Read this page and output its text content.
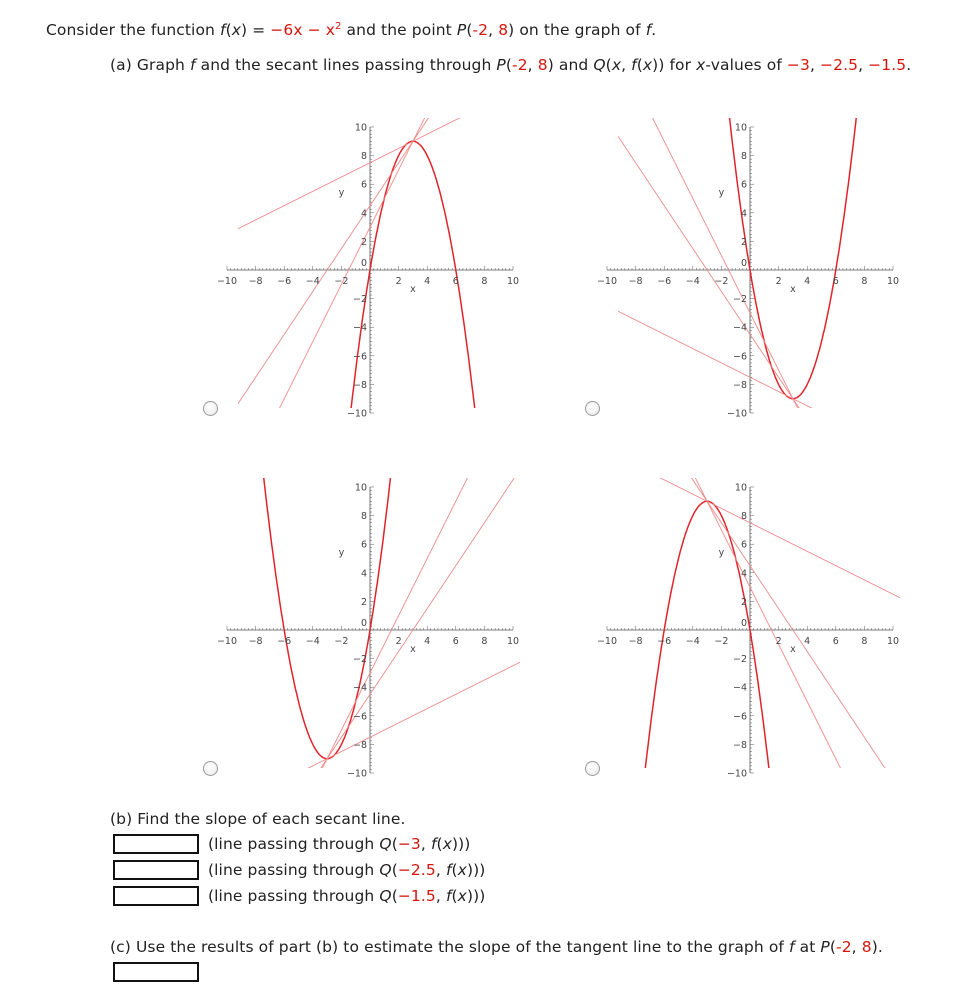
Consider the function $f(x) = -6x - x^2$ and the point P(-2, 8) on the graph of f.
(a) Graph f and the secant lines passing through P(-2, 8) and Q(x, f(x)) for x-values of −3, −2.5, −1.5.
−10 −8 −6 −4 −2	2 4 6 8 10
10
8
6
4
2
−2
−4
−6
−8
−10
0
x
y
−10 −8 −6 −4 −2	2 4 6 8 10
10
8
6
4
2
−2
−4
−6
−8
−10
0
x
y
−10 −8 −6 −4 −2	2 4 6 8 10
10
8
6
4
2
−2
−4
−6
−8
−10
0
x
y
−10 −8 −6 −4 −2	2 4 6 8 10
10
8
6
4
2
−2
−4
−6
−8
−10
0
x
y
(b) Find the slope of each secant line.
(line passing through Q(−3, f(x)))
(line passing through Q(−2.5, f(x)))
(line passing through Q(−1.5, f(x)))
(c) Use the results of part (b) to estimate the slope of the tangent line to the graph of f at P(-2, 8).
